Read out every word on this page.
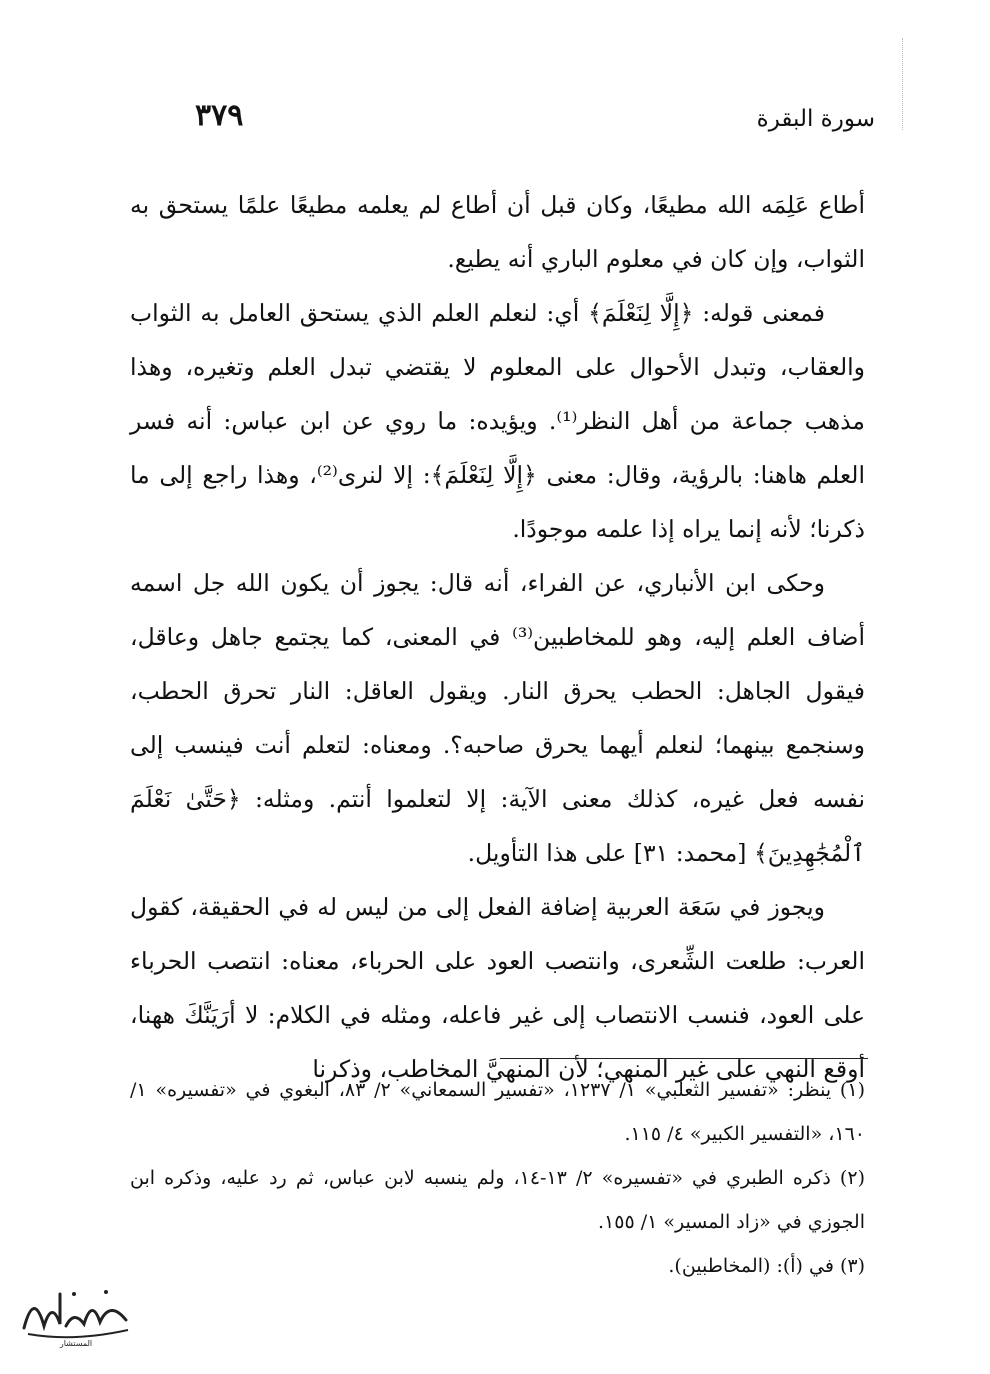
سورة البقرة
٣٧٩

أطاع عَلِمَه الله مطيعًا، وكان قبل أن أطاع لم يعلمه مطيعًا علمًا يستحق به الثواب، وإن كان في معلوم الباري أنه يطيع.

فمعنى قوله: ﴿إِلَّا لِنَعْلَمَ﴾ أي: لنعلم العلم الذي يستحق العامل به الثواب والعقاب، وتبدل الأحوال على المعلوم لا يقتضي تبدل العلم وتغيره، وهذا مذهب جماعة من أهل النظر⁽¹⁾. ويؤيده: ما روي عن ابن عباس: أنه فسر العلم هاهنا: بالرؤية، وقال: معنى ﴿إِلَّا لِنَعْلَمَ﴾: إلا لنرى⁽²⁾، وهذا راجع إلى ما ذكرنا؛ لأنه إنما يراه إذا علمه موجودًا.

وحكى ابن الأنباري، عن الفراء، أنه قال: يجوز أن يكون الله جل اسمه أضاف العلم إليه، وهو للمخاطبين⁽³⁾ في المعنى، كما يجتمع جاهل وعاقل، فيقول الجاهل: الحطب يحرق النار. ويقول العاقل: النار تحرق الحطب، وسنجمع بينهما؛ لنعلم أيهما يحرق صاحبه؟. ومعناه: لتعلم أنت فينسب إلى نفسه فعل غيره، كذلك معنى الآية: إلا لتعلموا أنتم. ومثله: ﴿حَتَّىٰ نَعْلَمَ ٱلْمُجَٰهِدِينَ﴾ [محمد: ٣١] على هذا التأويل.

ويجوز في سَعَة العربية إضافة الفعل إلى من ليس له في الحقيقة، كقول العرب: طلعت الشِّعرى، وانتصب العود على الحرباء، معناه: انتصب الحرباء على العود، فنسب الانتصاب إلى غير فاعله، ومثله في الكلام: لا أرَيَنَّكَ ههنا، أوقع النهي على غير المنهي؛ لأن المنهيَّ المخاطب، وذكرنا

(١) ينظر: «تفسير الثعلبي» ١/ ١٢٣٧، «تفسير السمعاني» ٢/ ٨٣، البغوي في «تفسيره» ١/ ١٦٠، «التفسير الكبير» ٤/ ١١٥.

(٢) ذكره الطبري في «تفسيره» ٢/ ١٣-١٤، ولم ينسبه لابن عباس، ثم رد عليه، وذكره ابن الجوزي في «زاد المسير» ١/ ١٥٥.

(٣) في (أ): (المخاطبين).

المستشار
